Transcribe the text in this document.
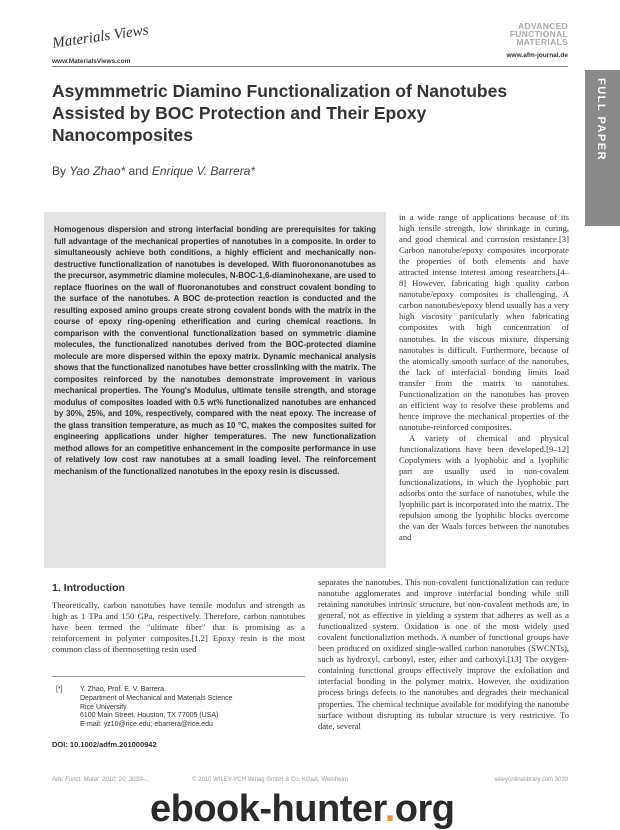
Materials Views
www.MaterialsViews.com
ADVANCED
FUNCTIONAL
MATERIALS
www.afm-journal.de
FULL PAPER
Asymmmetric Diamino Functionalization of Nanotubes Assisted by BOC Protection and Their Epoxy Nanocomposites
By Yao Zhao* and Enrique V. Barrera*

Homogenous dispersion and strong interfacial bonding are prerequisites for taking full advantage of the mechanical properties of nanotubes in a composite. In order to simultaneously achieve both conditions, a highly efficient and mechanically non-destructive functionalization of nanotubes is developed. With fluorononanotubes as the precursor, asymmetric diamine molecules, N-BOC-1,6-diaminohexane, are used to replace fluorines on the wall of fluoronanotubes and construct covalent bonding to the surface of the nanotubes. A BOC de-protection reaction is conducted and the resulting exposed amino groups create strong covalent bonds with the matrix in the course of epoxy ring-opening etherification and curing chemical reactions. In comparison with the conventional functionalization based on symmetric diamine molecules, the functionalized nanotubes derived from the BOC-protected diamine molecule are more dispersed within the epoxy matrix. Dynamic mechanical analysis shows that the functionalized nanotubes have better crosslinking with the matrix. The composites reinforced by the nanotubes demonstrate improvement in various mechanical properties. The Young's Modulus, ultimate tensile strength, and storage modulus of composites loaded with 0.5 wt% functionalized nanotubes are enhanced by 30%, 25%, and 10%, respectively, compared with the neat epoxy. The increase of the glass transition temperature, as much as 10 °C, makes the composites suited for engineering applications under higher temperatures. The new functionalization method allows for an competitive enhancement in the composite performance in use of relatively low cost raw nanotubes at a small loading level. The reinforcement mechanism of the functionalized nanotubes in the epoxy resin is discussed.

in a wide range of applications because of its high tensile strength, low shrinkage in curing, and good chemical and corrosion resistance.[3] Carbon nanotube/epoxy composites incorporate the properties of both elements and have attracted intense interest among researchers.[4–8] However, fabricating high quality carbon nanotube/epoxy composites is challenging. A carbon nanotubes/epoxy blend usually has a very high viscosity particularly when fabricating composites with high concentration of nanotubes. In the viscous mixture, dispersing nanotubes is difficult. Furthermore, because of the atomically smooth surface of the nanotubes, the lack of interfacial bonding limits load transfer from the matrix to nanotubes. Functionalization on the nanotubes has proven an efficient way to resolve these problems and hence improve the mechanical properties of the nanotube-reinforced composites.

A variety of chemical and physical functionalizations have been developed.[9–12] Copolymers with a lyophobic and a lyophilic part are usually used in non-covalent functionalizations, in which the lyophobic part adsorbs onto the surface of nanotubes, while the lyophilic part is incorporated into the matrix. The repulsion among the lyophilic blocks overcome the van der Waals forces between the nanotubes and

separates the nanotubes. This non-covalent functionalization can reduce nanotube agglomerates and improve interfacial bonding while still retaining nanotubes intrinsic structure, but non-covalent methods are, in general, not as effective in yielding a system that adheres as well as a functionalized system. Oxidation is one of the most widely used covalent functionaliztion methods. A number of functional groups have been produced on oxidized single-walled carbon nanotubes (SWCNTs), such as hydroxyl, carbonyl, ester, ether and carboxyl.[13] The oxygen-containing functional groups effectively improve the exfoliation and interfacial bonding in the polymer matrix. However, the oxidization process brings defects to the nanotubes and degrades their mechanical properties. The chemical technique available for modifying the nanotube surface without disrupting its tubular structure is very restrictive. To date, several

1. Introduction

Theoretically, carbon nanotubes have tensile modulus and strength as high as 1 TPa and 150 GPa, respectively. Therefore, carbon nanotubes have been termed the "ultimate fiber" that is promising as a reinforcement in polymer composites.[1,2] Epoxy resin is the most common class of thermosetting resin used

[*] Y. Zhao, Prof. E. V. Barrera
Department of Mechanical and Materials Science
Rice University
6100 Main Street, Houston, TX 77005 (USA)
E-mail: yz10@rice.edu; ebarrera@rice.edu
DOI: 10.1002/adfm.201000942
Adv. Funct. Mater. 2010, 20, 3039–...	© 2010 WILEY-VCH Verlag GmbH & Co. KGaA, Weinheim	wileyonlinelibrary.com 3039
ebook-hunter.org
